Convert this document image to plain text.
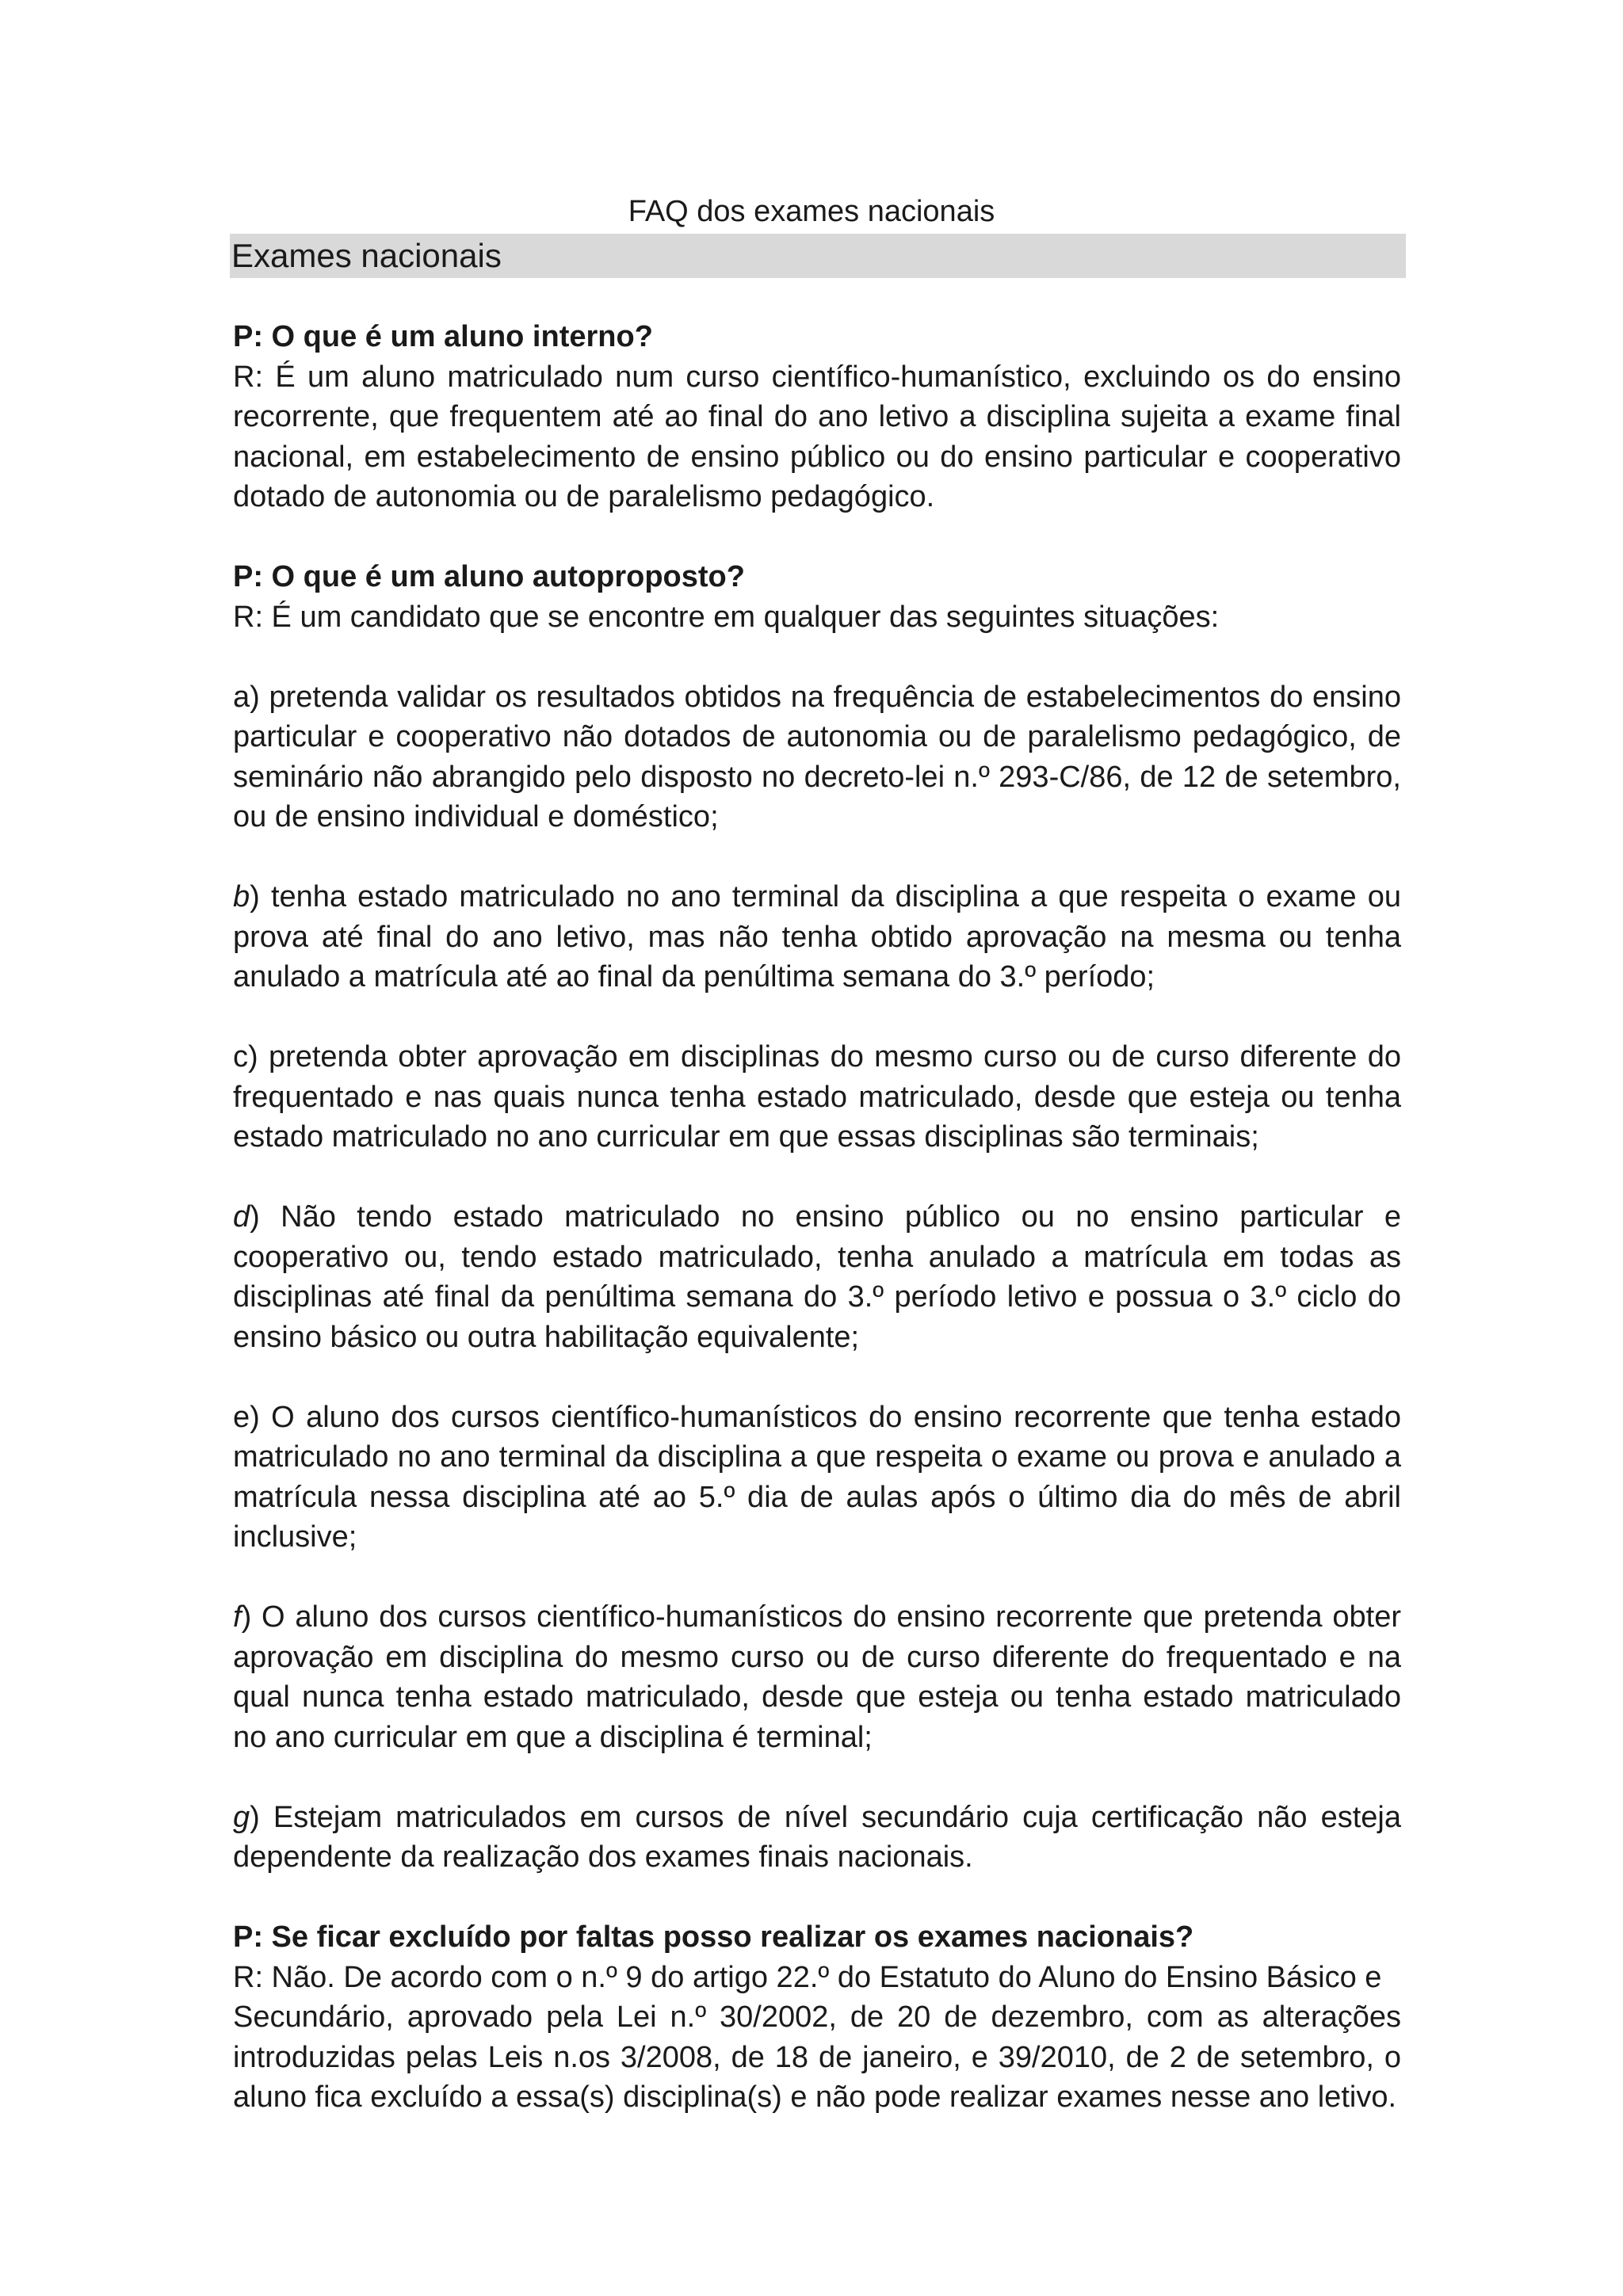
FAQ dos exames nacionais
Exames nacionais

P: O que é um aluno interno?

R: É um aluno matriculado num curso científico-humanístico, excluindo os do ensino recorrente, que frequentem até ao final do ano letivo a disciplina sujeita a exame final nacional, em estabelecimento de ensino público ou do ensino particular e cooperativo dotado de autonomia ou de paralelismo pedagógico.

P: O que é um aluno autoproposto?

R: É um candidato que se encontre em qualquer das seguintes situações:

a) pretenda validar os resultados obtidos na frequência de estabelecimentos do ensino particular e cooperativo não dotados de autonomia ou de paralelismo pedagógico, de seminário não abrangido pelo disposto no decreto-lei n.º 293-C/86, de 12 de setembro, ou de ensino individual e doméstico;

b) tenha estado matriculado no ano terminal da disciplina a que respeita o exame ou prova até final do ano letivo, mas não tenha obtido aprovação na mesma ou tenha anulado a matrícula até ao final da penúltima semana do 3.º período;

c) pretenda obter aprovação em disciplinas do mesmo curso ou de curso diferente do frequentado e nas quais nunca tenha estado matriculado, desde que esteja ou tenha estado matriculado no ano curricular em que essas disciplinas são terminais;

d) Não tendo estado matriculado no ensino público ou no ensino particular e cooperativo ou, tendo estado matriculado, tenha anulado a matrícula em todas as disciplinas até final da penúltima semana do 3.º período letivo e possua o 3.º ciclo do ensino básico ou outra habilitação equivalente;

e) O aluno dos cursos científico-humanísticos do ensino recorrente que tenha estado matriculado no ano terminal da disciplina a que respeita o exame ou prova e anulado a matrícula nessa disciplina até ao 5.º dia de aulas após o último dia do mês de abril inclusive;

f) O aluno dos cursos científico-humanísticos do ensino recorrente que pretenda obter aprovação em disciplina do mesmo curso ou de curso diferente do frequentado e na qual nunca tenha estado matriculado, desde que esteja ou tenha estado matriculado no ano curricular em que a disciplina é terminal;

g) Estejam matriculados em cursos de nível secundário cuja certificação não esteja dependente da realização dos exames finais nacionais.

P: Se ficar excluído por faltas posso realizar os exames nacionais?

R: Não. De acordo com o n.º 9 do artigo 22.º do Estatuto do Aluno do Ensino Básico e

Secundário, aprovado pela Lei n.º 30/2002, de 20 de dezembro, com as alterações introduzidas pelas Leis n.os 3/2008, de 18 de janeiro, e 39/2010, de 2 de setembro, o aluno fica excluído a essa(s) disciplina(s) e não pode realizar exames nesse ano letivo.
